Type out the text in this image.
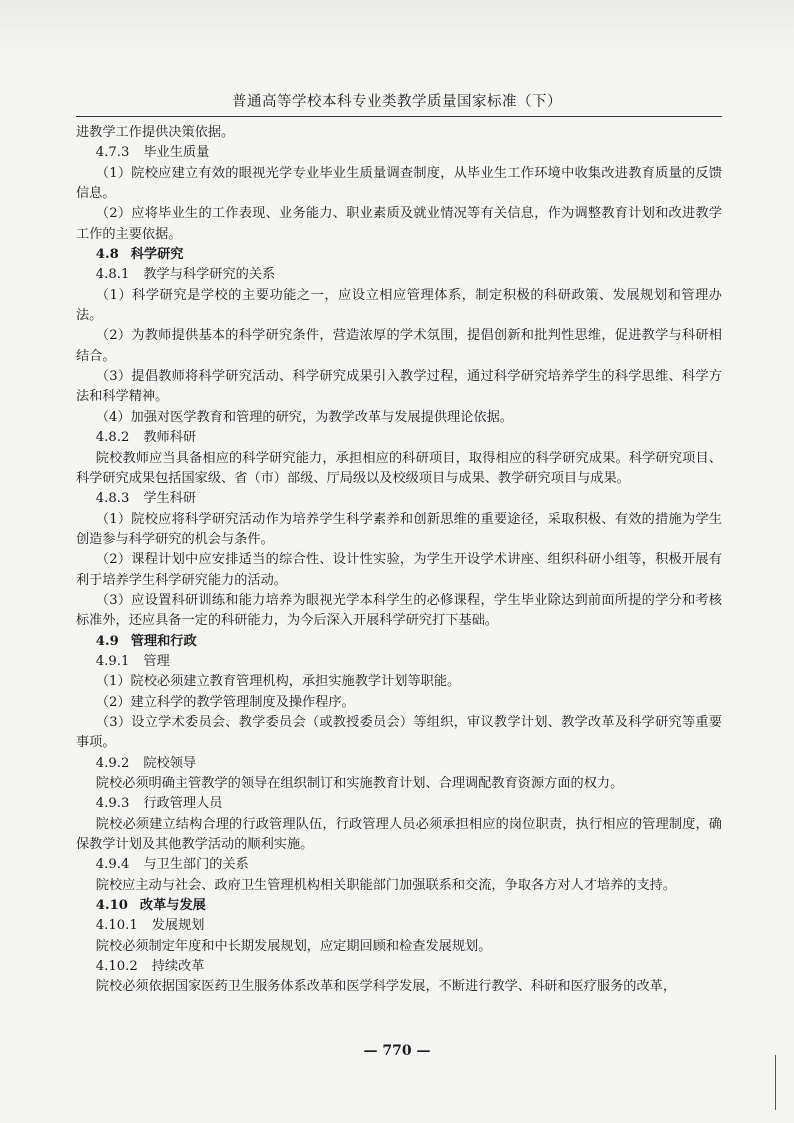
普通高等学校本科专业类教学质量国家标准（下）

进教学工作提供决策依据。

4.7.3 毕业生质量

（1）院校应建立有效的眼视光学专业毕业生质量调查制度，从毕业生工作环境中收集改进教育质量的反馈信息。

（2）应将毕业生的工作表现、业务能力、职业素质及就业情况等有关信息，作为调整教育计划和改进教学工作的主要依据。

4.8 科学研究

4.8.1 教学与科学研究的关系

（1）科学研究是学校的主要功能之一，应设立相应管理体系，制定积极的科研政策、发展规划和管理办法。

（2）为教师提供基本的科学研究条件，营造浓厚的学术氛围，提倡创新和批判性思维，促进教学与科研相结合。

（3）提倡教师将科学研究活动、科学研究成果引入教学过程，通过科学研究培养学生的科学思维、科学方法和科学精神。

（4）加强对医学教育和管理的研究，为教学改革与发展提供理论依据。

4.8.2 教师科研

院校教师应当具备相应的科学研究能力，承担相应的科研项目，取得相应的科学研究成果。科学研究项目、科学研究成果包括国家级、省（市）部级、厅局级以及校级项目与成果、教学研究项目与成果。

4.8.3 学生科研

（1）院校应将科学研究活动作为培养学生科学素养和创新思维的重要途径，采取积极、有效的措施为学生创造参与科学研究的机会与条件。

（2）课程计划中应安排适当的综合性、设计性实验，为学生开设学术讲座、组织科研小组等，积极开展有利于培养学生科学研究能力的活动。

（3）应设置科研训练和能力培养为眼视光学本科学生的必修课程，学生毕业除达到前面所提的学分和考核标准外，还应具备一定的科研能力，为今后深入开展科学研究打下基础。

4.9 管理和行政

4.9.1 管理

（1）院校必须建立教育管理机构，承担实施教学计划等职能。

（2）建立科学的教学管理制度及操作程序。

（3）设立学术委员会、教学委员会（或教授委员会）等组织，审议教学计划、教学改革及科学研究等重要事项。

4.9.2 院校领导

院校必须明确主管教学的领导在组织制订和实施教育计划、合理调配教育资源方面的权力。

4.9.3 行政管理人员

院校必须建立结构合理的行政管理队伍，行政管理人员必须承担相应的岗位职责，执行相应的管理制度，确保教学计划及其他教学活动的顺利实施。

4.9.4 与卫生部门的关系

院校应主动与社会、政府卫生管理机构相关职能部门加强联系和交流，争取各方对人才培养的支持。

4.10 改革与发展

4.10.1 发展规划

院校必须制定年度和中长期发展规划，应定期回顾和检查发展规划。

4.10.2 持续改革

院校必须依据国家医药卫生服务体系改革和医学科学发展，不断进行教学、科研和医疗服务的改革，

— 770 —
